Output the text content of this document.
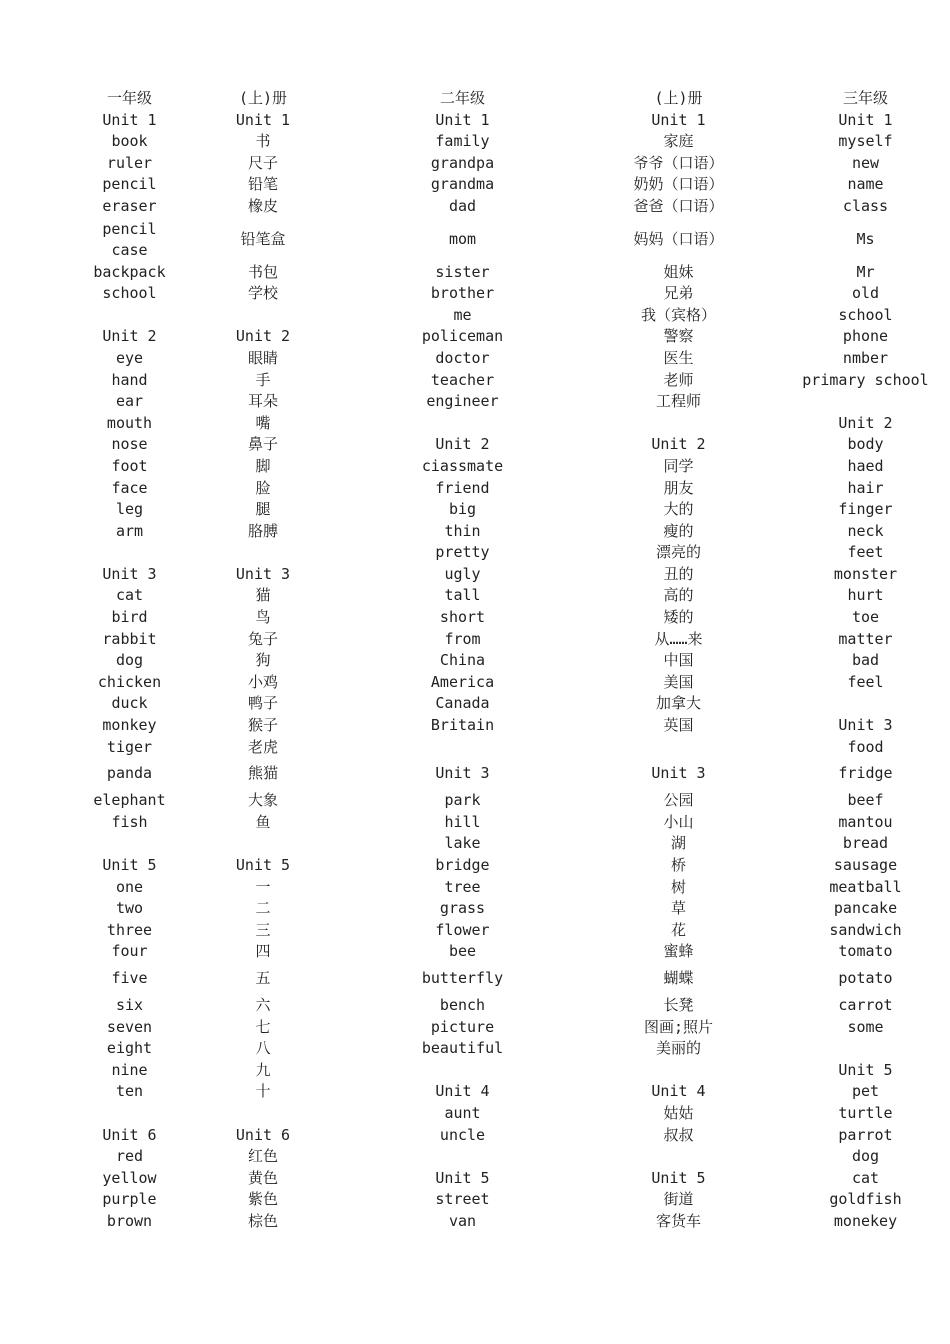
	一年级	(上)册	二年级	(上)册	三年级
	Unit 1	Unit 1	Unit 1	Unit 1	Unit 1
	book	书	family	家庭	myself
	ruler	尺子	grandpa	爷爷（口语）	new
	pencil	铅笔	grandma	奶奶（口语）	name
	eraser	橡皮	dad	爸爸（口语）	class
	pencil case	铅笔盒	mom	妈妈（口语）	Ms
	backpack	书包	sister	姐妹	Mr
	school	学校	brother	兄弟	old
			me	我（宾格）	school
	Unit 2	Unit 2	policeman	警察	phone
	eye	眼睛	doctor	医生	nmber
	hand	手	teacher	老师	primary school
	ear	耳朵	engineer	工程师	
	mouth	嘴			Unit 2
	nose	鼻子	Unit 2	Unit 2	body
	foot	脚	ciassmate	同学	haed
	face	脸	friend	朋友	hair
	leg	腿	big	大的	finger
	arm	胳膊	thin	瘦的	neck
			pretty	漂亮的	feet
	Unit 3	Unit 3	ugly	丑的	monster
	cat	猫	tall	高的	hurt
	bird	鸟	short	矮的	toe
	rabbit	兔子	from	从……来	matter
	dog	狗	China	中国	bad
	chicken	小鸡	America	美国	feel
	duck	鸭子	Canada	加拿大	
	monkey	猴子	Britain	英国	Unit 3
	tiger	老虎			food
	panda	熊猫	Unit 3	Unit 3	fridge
	elephant	大象	park	公园	beef
	fish	鱼	hill	小山	mantou
			lake	湖	bread
	Unit 5	Unit 5	bridge	桥	sausage
	one	一	tree	树	meatball
	two	二	grass	草	pancake
	three	三	flower	花	sandwich
	four	四	bee	蜜蜂	tomato
	five	五	butterfly	蝴蝶	potato
	six	六	bench	长凳	carrot
	seven	七	picture	图画;照片	some
	eight	八	beautiful	美丽的	
	nine	九			Unit 5
	ten	十	Unit 4	Unit 4	pet
			aunt	姑姑	turtle
	Unit 6	Unit 6	uncle	叔叔	parrot
	red	红色			dog
	yellow	黄色	Unit 5	Unit 5	cat
	purple	紫色	street	街道	goldfish
	brown	棕色	van	客货车	monekey
